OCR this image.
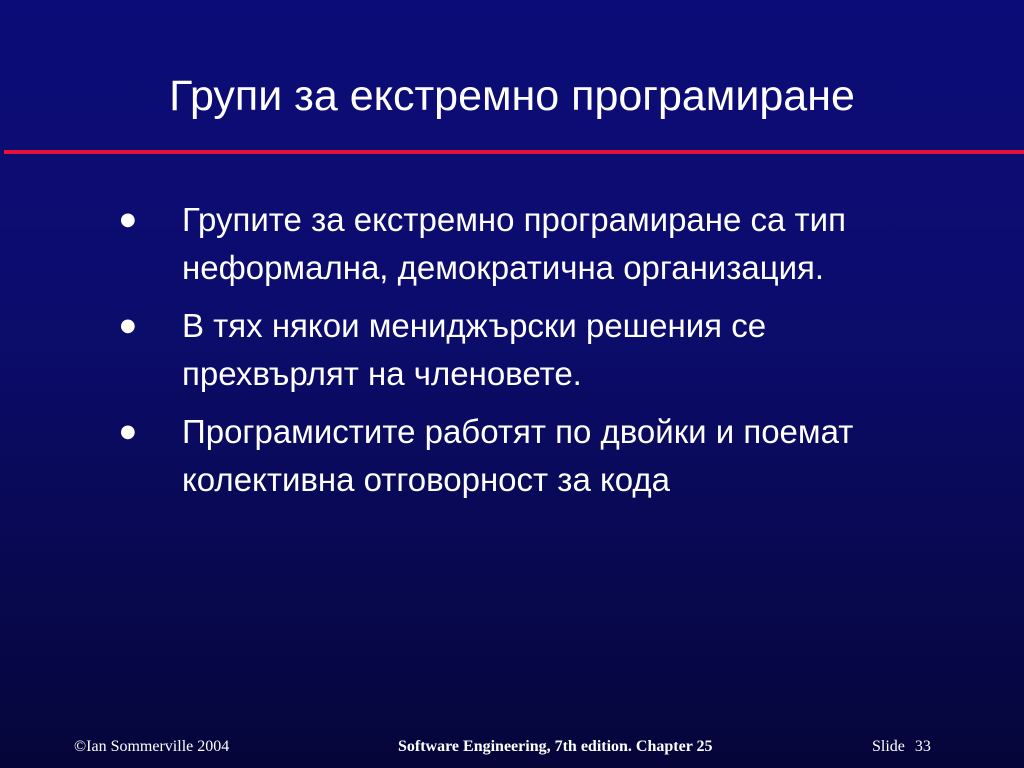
Групи за екстремно програмиране
●	Групите за екстремно програмиране са тип неформална, демократична организация.
●	В тях някои мениджърски решения се прехвърлят на членовете.
●	Програмистите работят по двойки и поемат колективна отговорност за кода
©Ian Sommerville 2004	Software Engineering, 7th edition. Chapter 25	Slide 33
